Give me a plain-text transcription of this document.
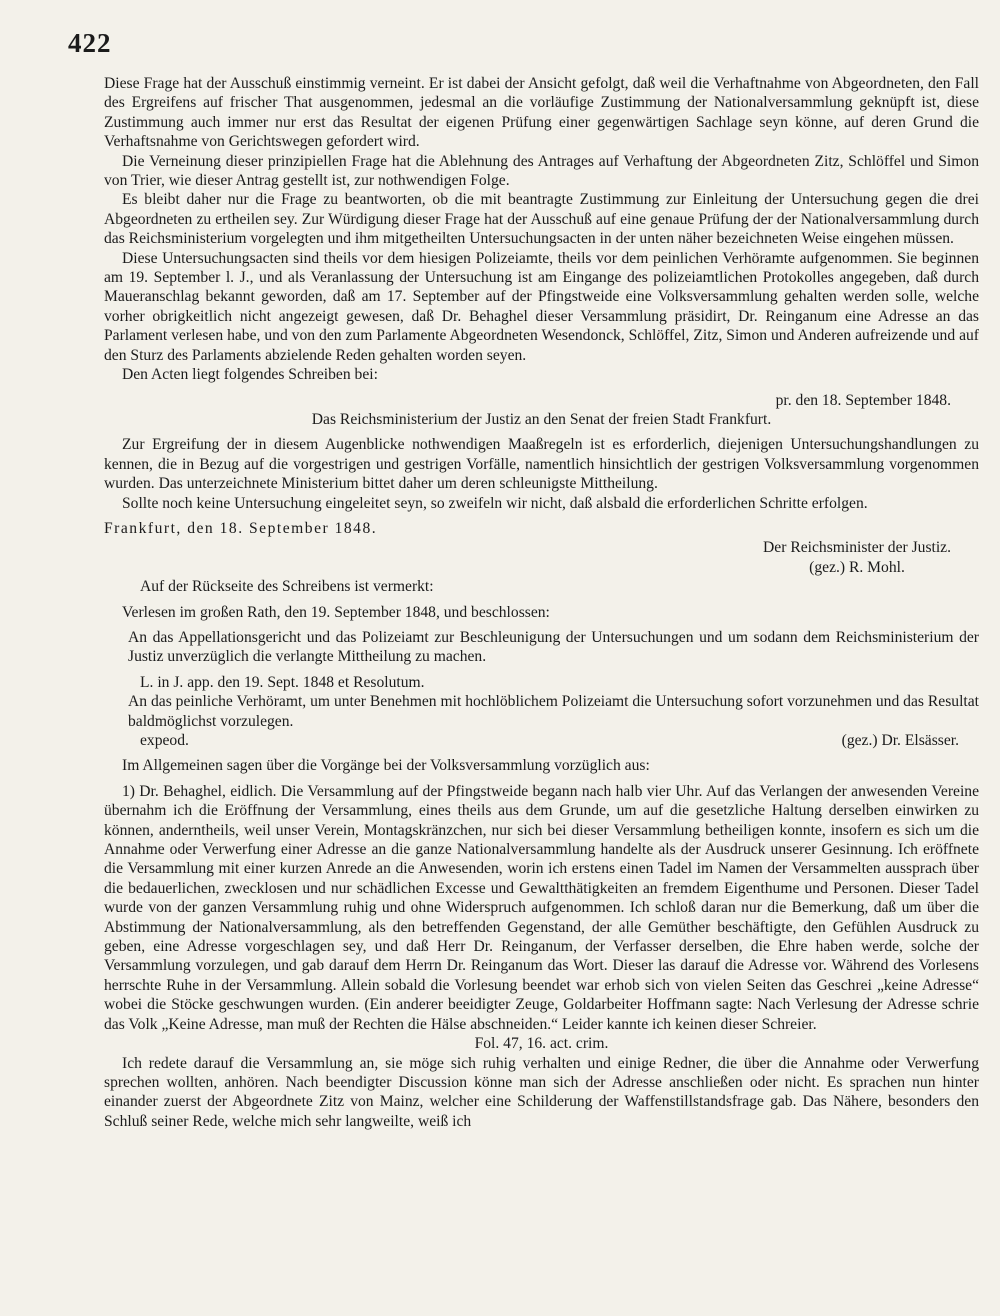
422

Diese Frage hat der Ausschuß einstimmig verneint. Er ist dabei der Ansicht gefolgt, daß weil die Verhaftnahme von Abgeordneten, den Fall des Ergreifens auf frischer That ausgenommen, jedesmal an die vorläufige Zustimmung der Nationalversammlung geknüpft ist, diese Zustimmung auch immer nur erst das Resultat der eigenen Prüfung einer gegenwärtigen Sachlage seyn könne, auf deren Grund die Verhaftsnahme von Gerichtswegen gefordert wird.

Die Verneinung dieser prinzipiellen Frage hat die Ablehnung des Antrages auf Verhaftung der Abgeordneten Zitz, Schlöffel und Simon von Trier, wie dieser Antrag gestellt ist, zur nothwendigen Folge.

Es bleibt daher nur die Frage zu beantworten, ob die mit beantragte Zustimmung zur Einleitung der Untersuchung gegen die drei Abgeordneten zu ertheilen sey. Zur Würdigung dieser Frage hat der Ausschuß auf eine genaue Prüfung der der Nationalversammlung durch das Reichsministerium vorgelegten und ihm mitgetheilten Untersuchungsacten in der unten näher bezeichneten Weise eingehen müssen.

Diese Untersuchungsacten sind theils vor dem hiesigen Polizeiamte, theils vor dem peinlichen Verhöramte aufgenommen. Sie beginnen am 19. September l. J., und als Veranlassung der Untersuchung ist am Eingange des polizeiamtlichen Protokolles angegeben, daß durch Maueranschlag bekannt geworden, daß am 17. September auf der Pfingstweide eine Volksversammlung gehalten werden solle, welche vorher obrigkeitlich nicht angezeigt gewesen, daß Dr. Behaghel dieser Versammlung präsidirt, Dr. Reinganum eine Adresse an das Parlament verlesen habe, und von den zum Parlamente Abgeordneten Wesendonck, Schlöffel, Zitz, Simon und Anderen aufreizende und auf den Sturz des Parlaments abzielende Reden gehalten worden seyen.

Den Acten liegt folgendes Schreiben bei:

pr. den 18. September 1848.

Das Reichsministerium der Justiz an den Senat der freien Stadt Frankfurt.

Zur Ergreifung der in diesem Augenblicke nothwendigen Maaßregeln ist es erforderlich, diejenigen Untersuchungshandlungen zu kennen, die in Bezug auf die vorgestrigen und gestrigen Vorfälle, namentlich hinsichtlich der gestrigen Volksversammlung vorgenommen wurden. Das unterzeichnete Ministerium bittet daher um deren schleunigste Mittheilung.

Sollte noch keine Untersuchung eingeleitet seyn, so zweifeln wir nicht, daß alsbald die erforderlichen Schritte erfolgen.

Frankfurt, den 18. September 1848.

Der Reichsminister der Justiz.
(gez.) R. Mohl.

Auf der Rückseite des Schreibens ist vermerkt:

Verlesen im großen Rath, den 19. September 1848, und beschlossen:

An das Appellationsgericht und das Polizeiamt zur Beschleunigung der Untersuchungen und um sodann dem Reichsministerium der Justiz unverzüglich die verlangte Mittheilung zu machen.

L. in J. app. den 19. Sept. 1848 et Resolutum.

An das peinliche Verhöramt, um unter Benehmen mit hochlöblichem Polizeiamt die Untersuchung sofort vorzunehmen und das Resultat baldmöglichst vorzulegen.

expeod.	(gez.) Dr. Elsässer.

Im Allgemeinen sagen über die Vorgänge bei der Volksversammlung vorzüglich aus:

1) Dr. Behaghel, eidlich. Die Versammlung auf der Pfingstweide begann nach halb vier Uhr. Auf das Verlangen der anwesenden Vereine übernahm ich die Eröffnung der Versammlung, eines theils aus dem Grunde, um auf die gesetzliche Haltung derselben einwirken zu können, anderntheils, weil unser Verein, Montagskränzchen, nur sich bei dieser Versammlung betheiligen konnte, insofern es sich um die Annahme oder Verwerfung einer Adresse an die ganze Nationalversammlung handelte als der Ausdruck unserer Gesinnung. Ich eröffnete die Versammlung mit einer kurzen Anrede an die Anwesenden, worin ich erstens einen Tadel im Namen der Versammelten aussprach über die bedauerlichen, zwecklosen und nur schädlichen Excesse und Gewaltthätigkeiten an fremdem Eigenthume und Personen. Dieser Tadel wurde von der ganzen Versammlung ruhig und ohne Widerspruch aufgenommen. Ich schloß daran nur die Bemerkung, daß um über die Abstimmung der Nationalversammlung, als den betreffenden Gegenstand, der alle Gemüther beschäftigte, den Gefühlen Ausdruck zu geben, eine Adresse vorgeschlagen sey, und daß Herr Dr. Reinganum, der Verfasser derselben, die Ehre haben werde, solche der Versammlung vorzulegen, und gab darauf dem Herrn Dr. Reinganum das Wort. Dieser las darauf die Adresse vor. Während des Vorlesens herrschte Ruhe in der Versammlung. Allein sobald die Vorlesung beendet war erhob sich von vielen Seiten das Geschrei „keine Adresse“ wobei die Stöcke geschwungen wurden. (Ein anderer beeidigter Zeuge, Goldarbeiter Hoffmann sagte: Nach Verlesung der Adresse schrie das Volk „Keine Adresse, man muß der Rechten die Hälse abschneiden.“ Leider kannte ich keinen dieser Schreier.

Fol. 47, 16. act. crim.

Ich redete darauf die Versammlung an, sie möge sich ruhig verhalten und einige Redner, die über die Annahme oder Verwerfung sprechen wollten, anhören. Nach beendigter Discussion könne man sich der Adresse anschließen oder nicht. Es sprachen nun hinter einander zuerst der Abgeordnete Zitz von Mainz, welcher eine Schilderung der Waffenstillstandsfrage gab. Das Nähere, besonders den Schluß seiner Rede, welche mich sehr langweilte, weiß ich
